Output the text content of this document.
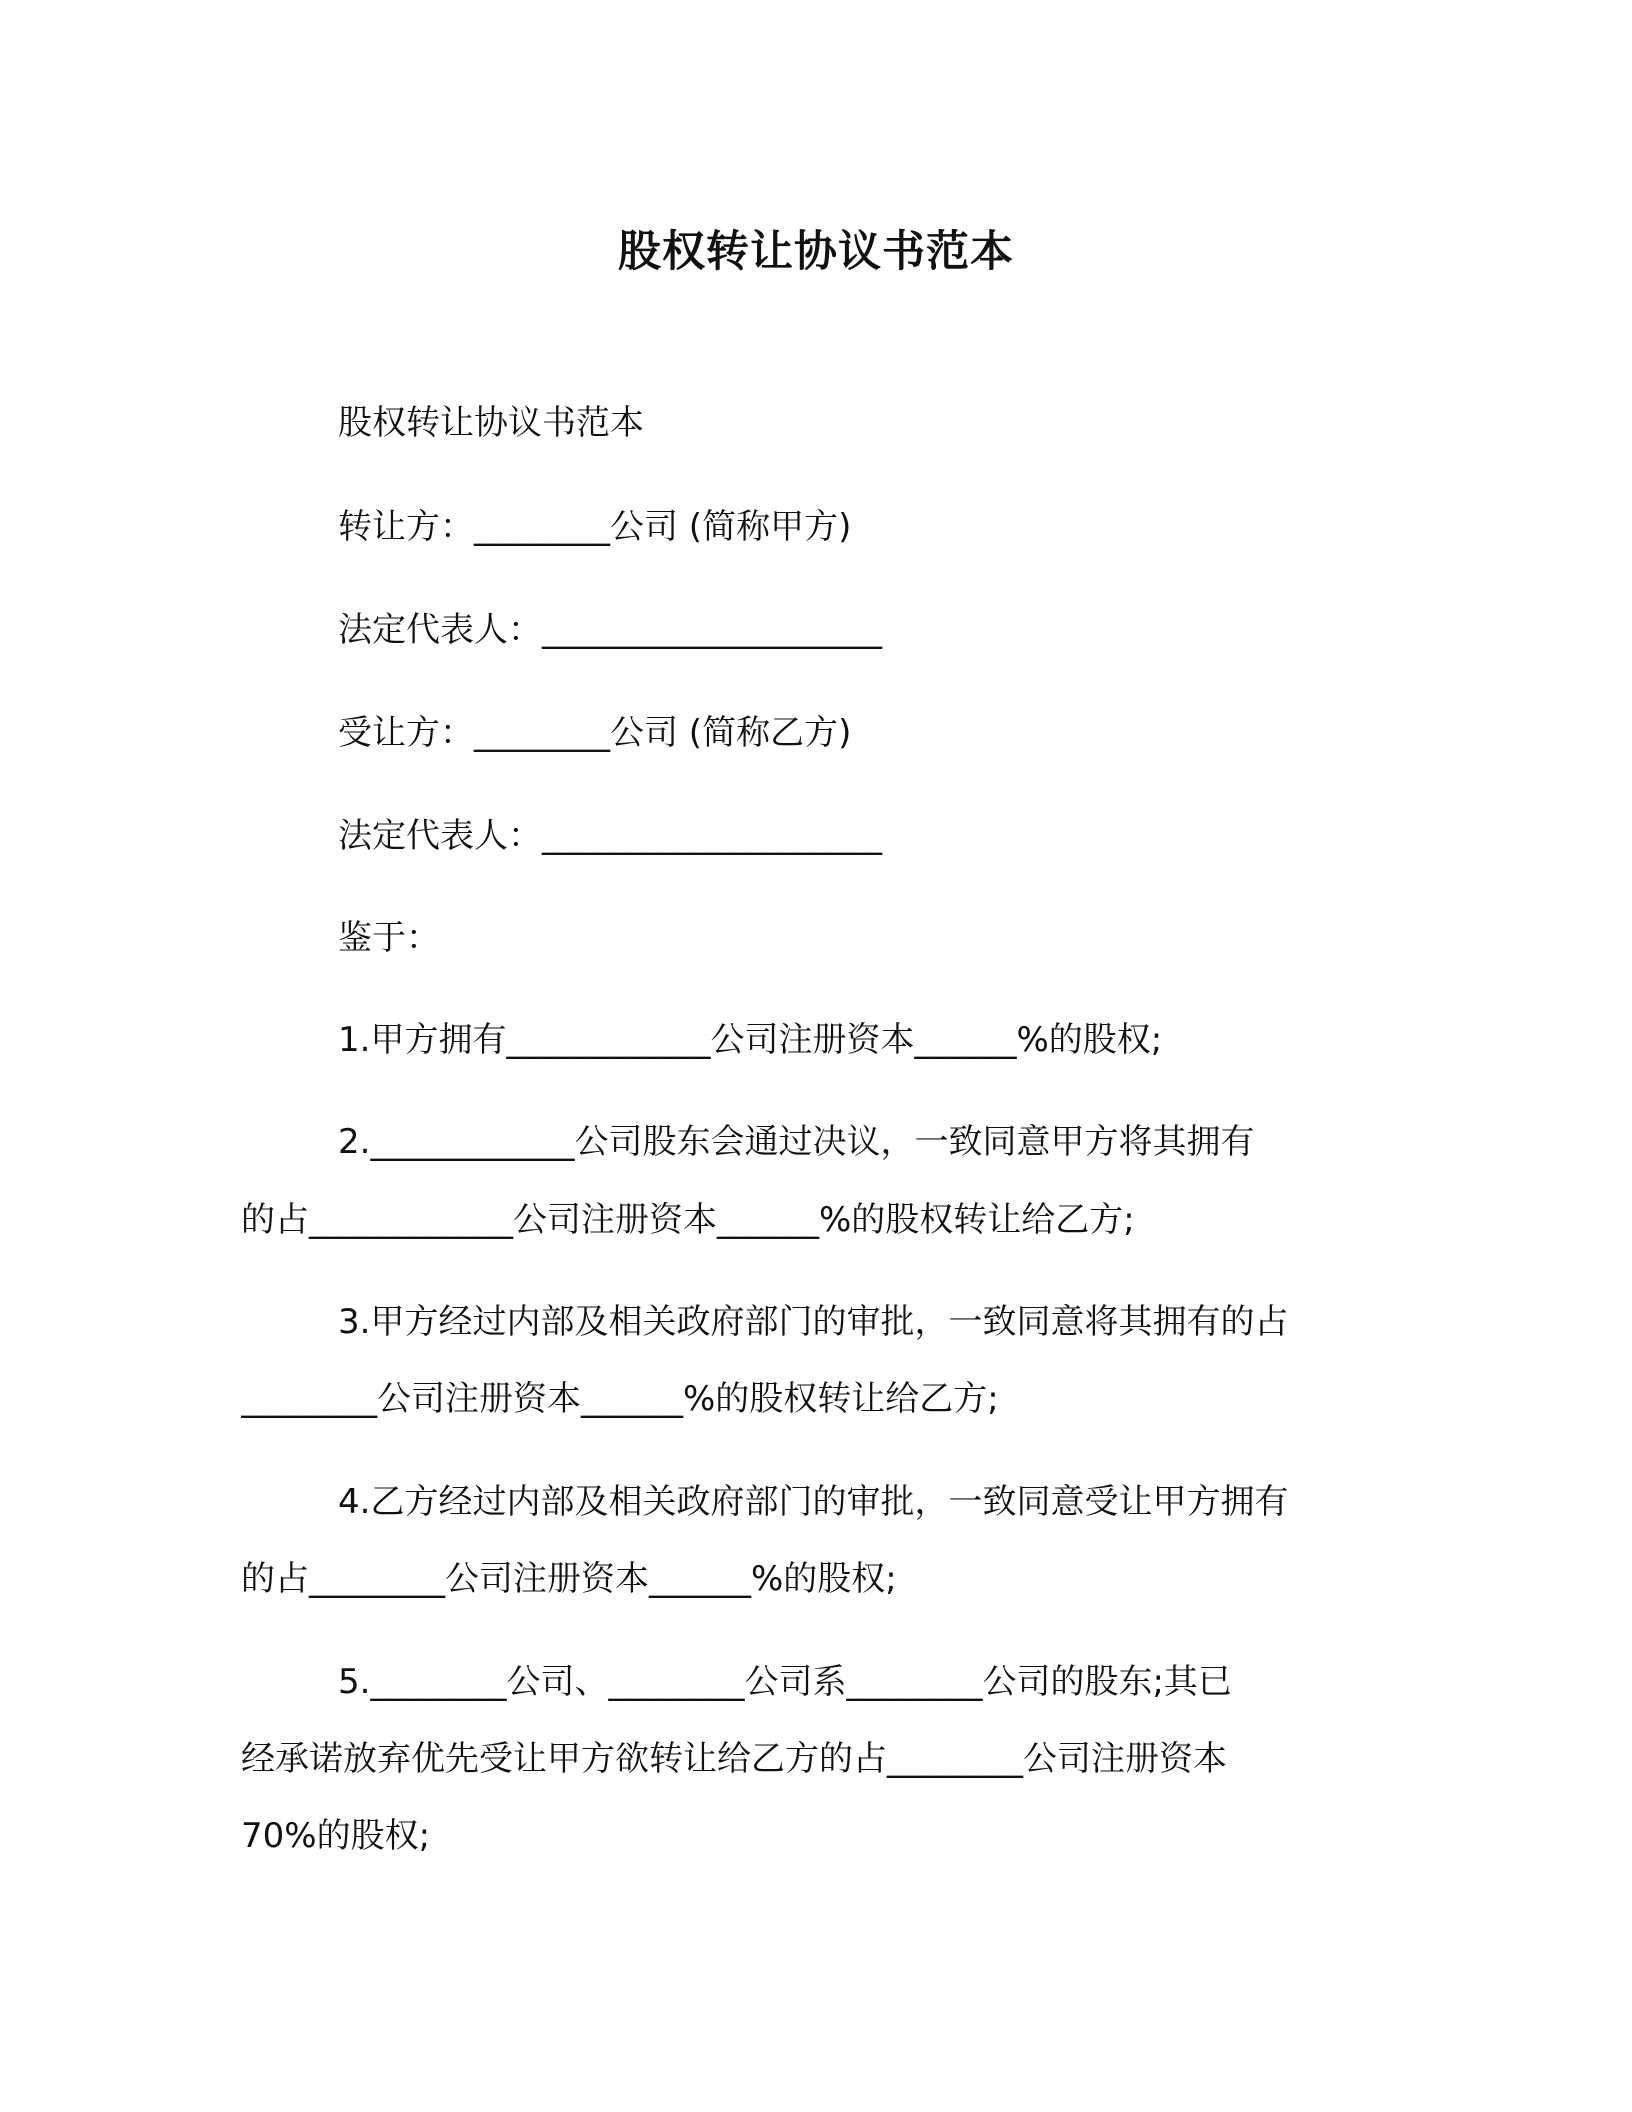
股权转让协议书范本
股权转让协议书范本
转让方：________公司 (简称甲方)
法定代表人：____________________
受让方：________公司 (简称乙方)
法定代表人：____________________
鉴于：
1.甲方拥有____________公司注册资本______%的股权;
2.____________公司股东会通过决议，一致同意甲方将其拥有
的占____________公司注册资本______%的股权转让给乙方;
3.甲方经过内部及相关政府部门的审批，一致同意将其拥有的占
________公司注册资本______%的股权转让给乙方;
4.乙方经过内部及相关政府部门的审批，一致同意受让甲方拥有
的占________公司注册资本______%的股权;
5.________公司、________公司系________公司的股东;其已
经承诺放弃优先受让甲方欲转让给乙方的占________公司注册资本
70%的股权;
